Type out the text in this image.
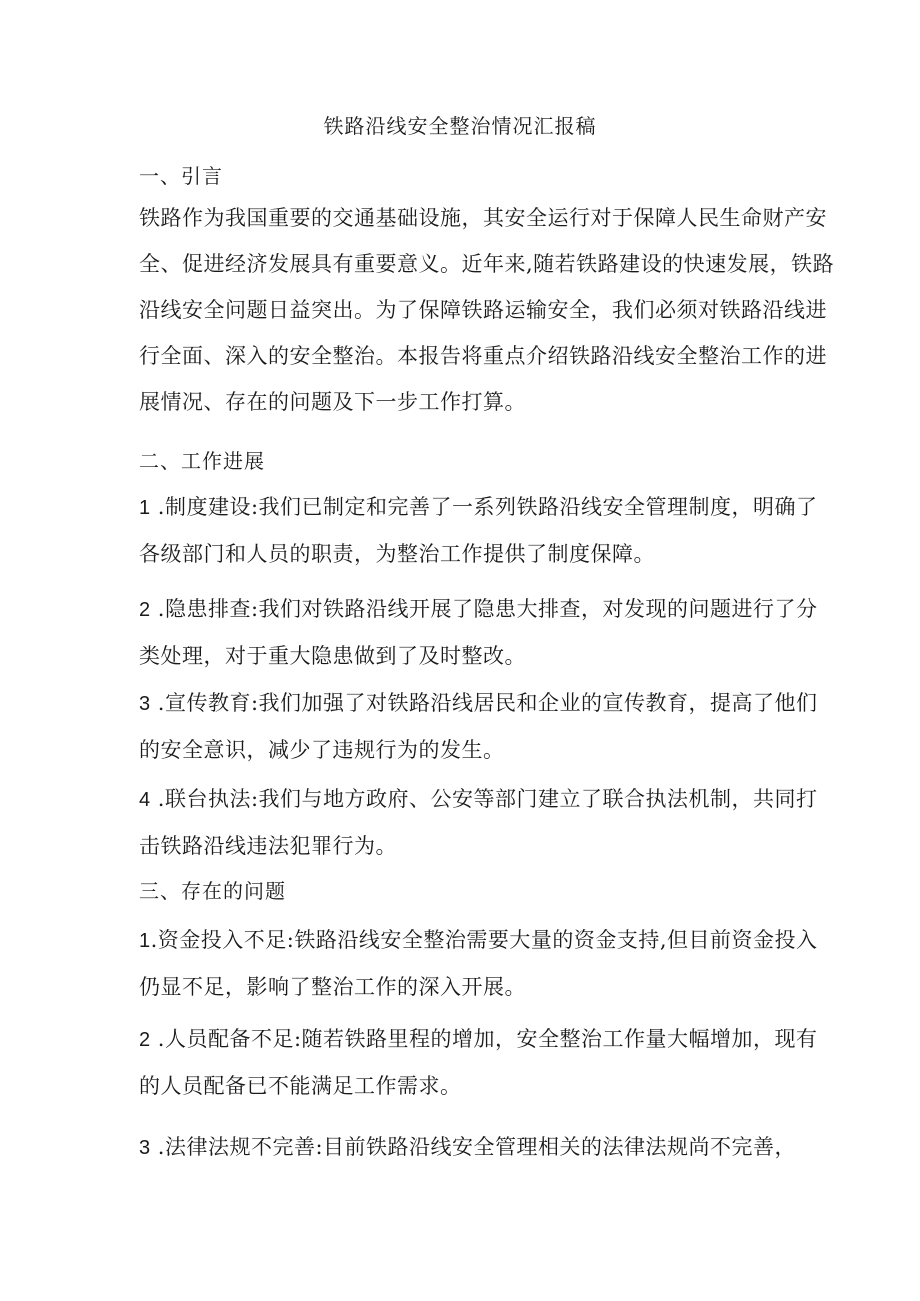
铁路沿线安全整治情况汇报稿
一、引言
铁路作为我国重要的交通基础设施，其安全运行对于保障人民生命财产安
全、促进经济发展具有重要意义。近年来,随若铁路建设的快速发展，铁路
沿线安全问题日益突出。为了保障铁路运输安全，我们必须对铁路沿线进
行全面、深入的安全整治。本报告将重点介绍铁路沿线安全整治工作的进
展情况、存在的问题及下一步工作打算。
二、工作进展
1 .制度建设:我们已制定和完善了一系列铁路沿线安全管理制度，明确了
各级部门和人员的职责，为整治工作提供了制度保障。
2 .隐患排查:我们对铁路沿线开展了隐患大排查，对发现的问题进行了分
类处理，对于重大隐患做到了及时整改。
3 .宣传教育:我们加强了对铁路沿线居民和企业的宣传教育，提高了他们
的安全意识，减少了违规行为的发生。
4 .联台执法:我们与地方政府、公安等部门建立了联合执法机制，共同打
击铁路沿线违法犯罪行为。
三、存在的问题
1.资金投入不足:铁路沿线安全整治需要大量的资金支持,但目前资金投入
仍显不足，影响了整治工作的深入开展。
2 .人员配备不足:随若铁路里程的增加，安全整治工作量大幅增加，现有
的人员配备已不能满足工作需求。
3 .法律法规不完善:目前铁路沿线安全管理相关的法律法规尚不完善，
